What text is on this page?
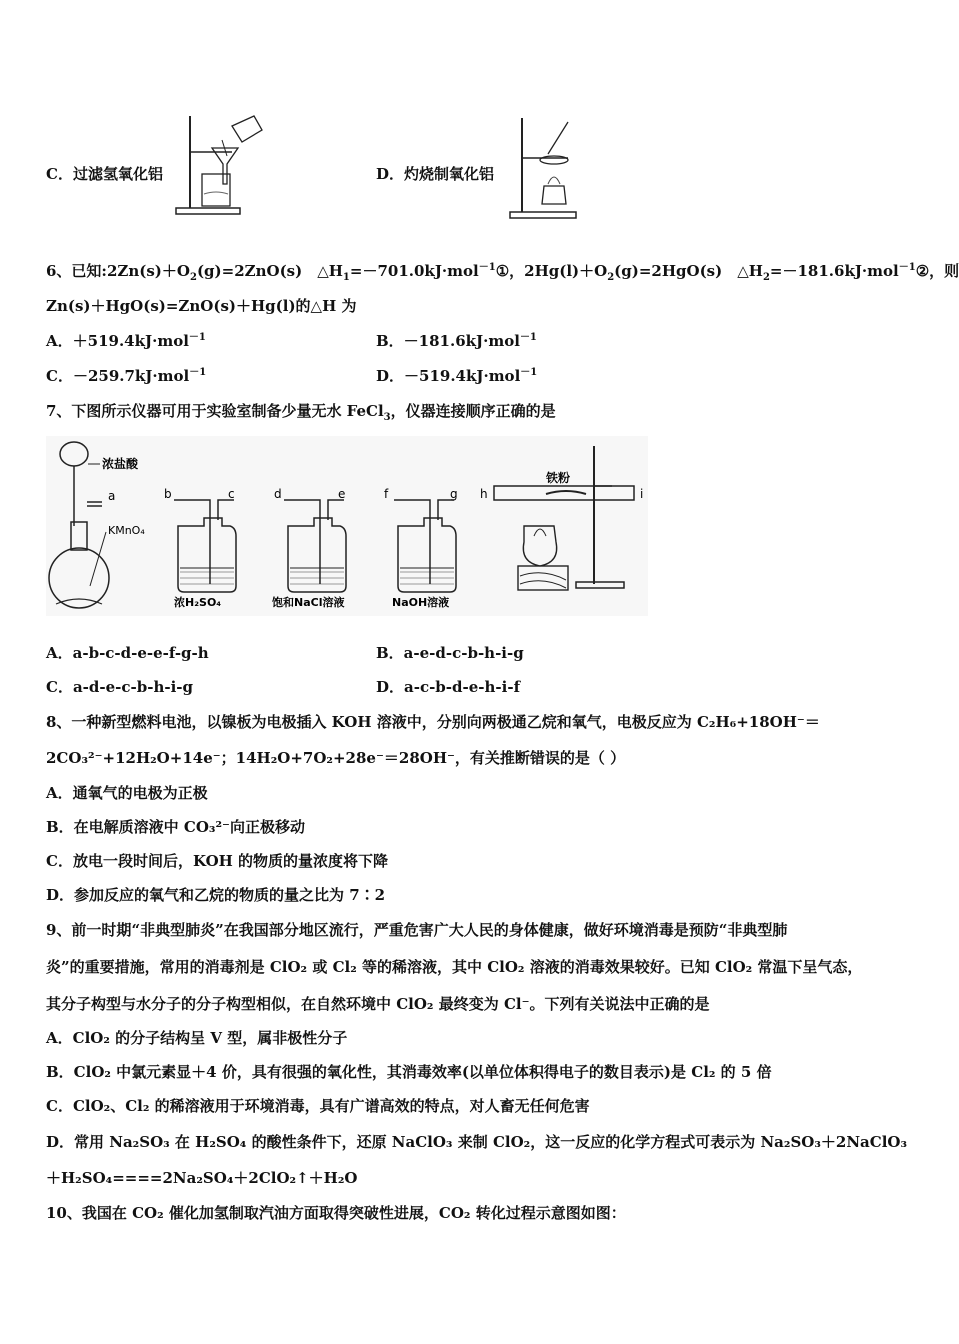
C．过滤氢氧化铝	D．灼烧制氧化铝
6、已知$:2Zn(s)+O_2(g)=2ZnO(s)$　$\triangle H_1=-701.0kJ\cdot mol^{-1}①$，$2Hg(l)+O_2(g)=2HgO(s)$　$\triangle H_2=-181.6kJ\cdot mol^{-1}②$，则
Zn(s)＋HgO(s)=ZnO(s)＋Hg(l)的△H 为
A．＋519.4kJ·mol$^{-1}$	B．－181.6kJ·mol$^{-1}$
C．－259.7kJ·mol$^{-1}$	D．－519.4kJ·mol$^{-1}$
7、下图所示仪器可用于实验室制备少量无水 FeCl$_3$，仪器连接顺序正确的是
浓盐酸
a
KMnO₄
b	c
浓H₂SO₄
d	e
饱和NaCl溶液
f	g
NaOH溶液
h	i
铁粉
A．a-b-c-d-e-e-f-g-h	B．a-e-d-c-b-h-i-g
C．a-d-e-c-b-h-i-g	D．a-c-b-d-e-h-i-f
8、一种新型燃料电池，以镍板为电极插入 KOH 溶液中，分别向两极通乙烷和氧气，电极反应为 C₂H₆+18OH⁻＝
2CO₃²⁻+12H₂O+14e⁻；14H₂O+7O₂+28e⁻＝28OH⁻，有关推断错误的是（ ）
A．通氧气的电极为正极
B．在电解质溶液中 CO₃²⁻向正极移动
C．放电一段时间后，KOH 的物质的量浓度将下降
D．参加反应的氧气和乙烷的物质的量之比为 7∶2
9、前一时期“非典型肺炎”在我国部分地区流行，严重危害广大人民的身体健康，做好环境消毒是预防“非典型肺
炎”的重要措施，常用的消毒剂是 ClO₂ 或 Cl₂ 等的稀溶液，其中 ClO₂ 溶液的消毒效果较好。已知 ClO₂ 常温下呈气态，
其分子构型与水分子的分子构型相似，在自然环境中 ClO₂ 最终变为 Cl⁻。下列有关说法中正确的是
A．ClO₂ 的分子结构呈 V 型，属非极性分子
B．ClO₂ 中氯元素显＋4 价，具有很强的氧化性，其消毒效率(以单位体积得电子的数目表示)是 Cl₂ 的 5 倍
C．ClO₂、Cl₂ 的稀溶液用于环境消毒，具有广谱高效的特点，对人畜无任何危害
D．常用 Na₂SO₃ 在 H₂SO₄ 的酸性条件下，还原 NaClO₃ 来制 ClO₂，这一反应的化学方程式可表示为 Na₂SO₃＋2NaClO₃
＋H₂SO₄====2Na₂SO₄＋2ClO₂↑＋H₂O
10、我国在 CO₂ 催化加氢制取汽油方面取得突破性进展，CO₂ 转化过程示意图如图：
